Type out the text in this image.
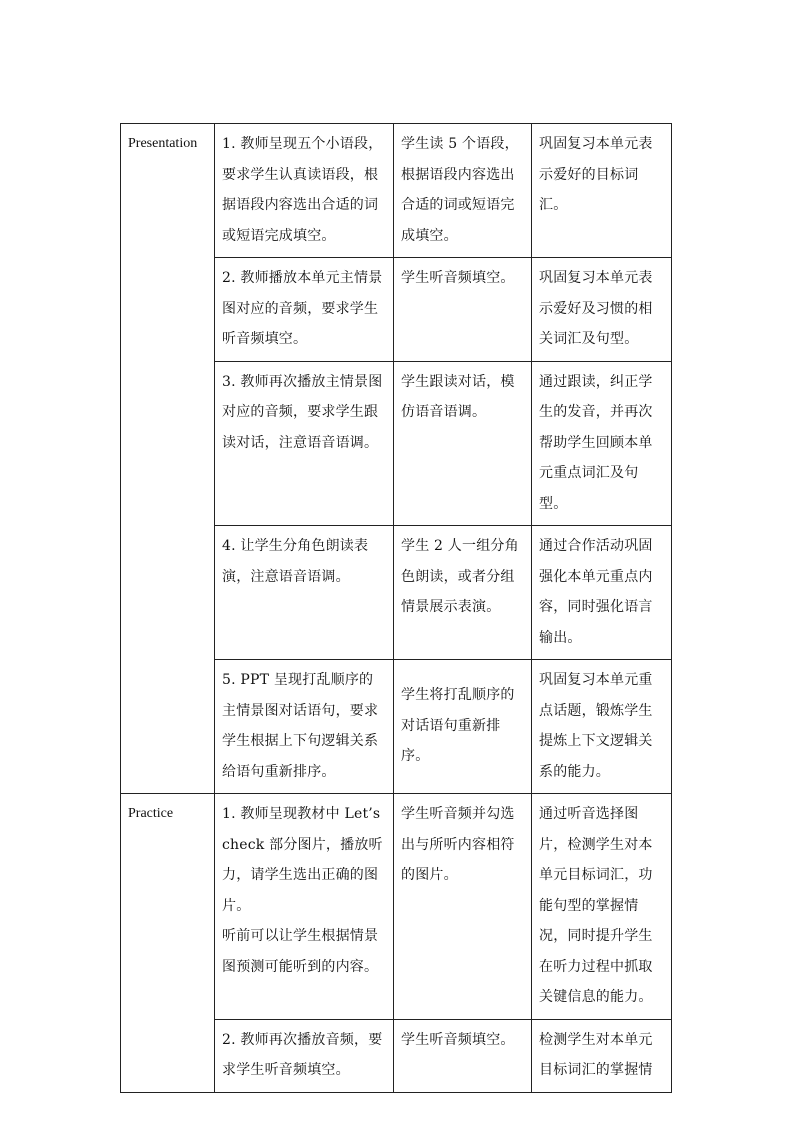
Presentation	1. 教师呈现五个小语段，要求学生认真读语段，根据语段内容选出合适的词或短语完成填空。	学生读 5 个语段，根据语段内容选出合适的词或短语完成填空。	巩固复习本单元表示爱好的目标词汇。
	2. 教师播放本单元主情景图对应的音频，要求学生听音频填空。	学生听音频填空。	巩固复习本单元表示爱好及习惯的相关词汇及句型。
	3. 教师再次播放主情景图对应的音频，要求学生跟读对话，注意语音语调。	学生跟读对话，模仿语音语调。	通过跟读，纠正学生的发音，并再次帮助学生回顾本单元重点词汇及句型。
	4. 让学生分角色朗读表演，注意语音语调。	学生 2 人一组分角色朗读，或者分组情景展示表演。	通过合作活动巩固强化本单元重点内容，同时强化语言输出。
	5. PPT 呈现打乱顺序的主情景图对话语句，要求学生根据上下句逻辑关系给语句重新排序。	学生将打乱顺序的对话语句重新排序。	巩固复习本单元重点话题，锻炼学生提炼上下文逻辑关系的能力。
Practice	1. 教师呈现教材中 Let’s check 部分图片，播放听力，请学生选出正确的图片。
听前可以让学生根据情景图预测可能听到的内容。	学生听音频并勾选出与所听内容相符的图片。	通过听音选择图片，检测学生对本单元目标词汇，功能句型的掌握情况，同时提升学生在听力过程中抓取关键信息的能力。
	2. 教师再次播放音频，要求学生听音频填空。	学生听音频填空。	检测学生对本单元目标词汇的掌握情
